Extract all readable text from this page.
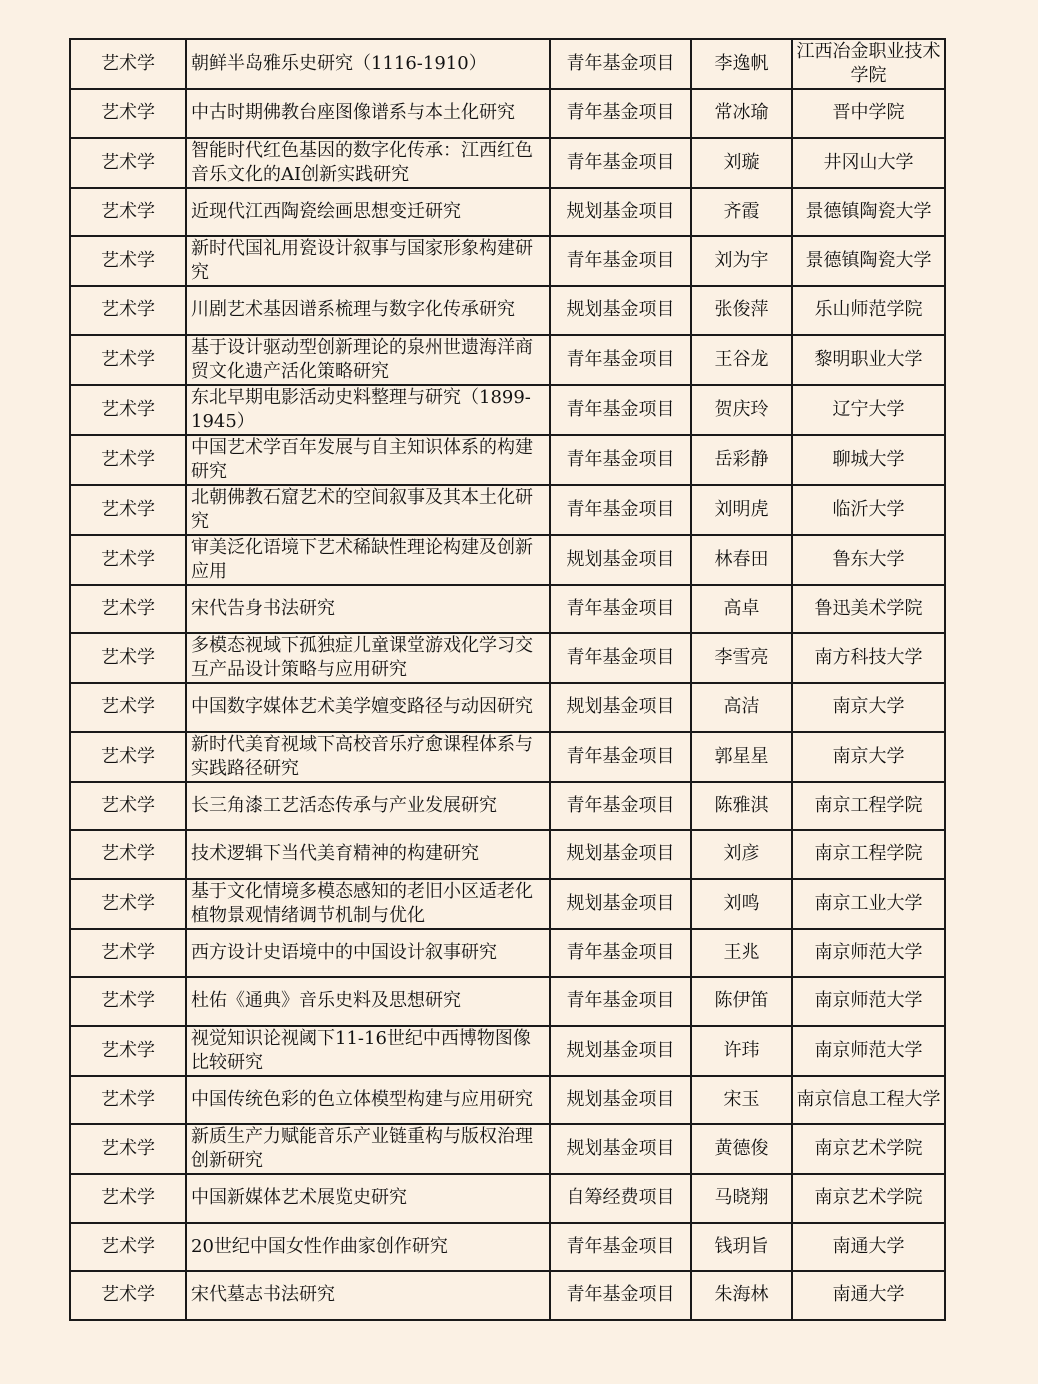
艺术学	朝鲜半岛雅乐史研究（1116-1910）	青年基金项目	李逸帆	江西冶金职业技术学院
艺术学	中古时期佛教台座图像谱系与本土化研究	青年基金项目	常冰瑜	晋中学院
艺术学	智能时代红色基因的数字化传承：江西红色音乐文化的AI创新实践研究	青年基金项目	刘璇	井冈山大学
艺术学	近现代江西陶瓷绘画思想变迁研究	规划基金项目	齐霞	景德镇陶瓷大学
艺术学	新时代国礼用瓷设计叙事与国家形象构建研究	青年基金项目	刘为宇	景德镇陶瓷大学
艺术学	川剧艺术基因谱系梳理与数字化传承研究	规划基金项目	张俊萍	乐山师范学院
艺术学	基于设计驱动型创新理论的泉州世遗海洋商贸文化遗产活化策略研究	青年基金项目	王谷龙	黎明职业大学
艺术学	东北早期电影活动史料整理与研究（1899-1945）	青年基金项目	贺庆玲	辽宁大学
艺术学	中国艺术学百年发展与自主知识体系的构建研究	青年基金项目	岳彩静	聊城大学
艺术学	北朝佛教石窟艺术的空间叙事及其本土化研究	青年基金项目	刘明虎	临沂大学
艺术学	审美泛化语境下艺术稀缺性理论构建及创新应用	规划基金项目	林春田	鲁东大学
艺术学	宋代告身书法研究	青年基金项目	高卓	鲁迅美术学院
艺术学	多模态视域下孤独症儿童课堂游戏化学习交互产品设计策略与应用研究	青年基金项目	李雪亮	南方科技大学
艺术学	中国数字媒体艺术美学嬗变路径与动因研究	规划基金项目	高洁	南京大学
艺术学	新时代美育视域下高校音乐疗愈课程体系与实践路径研究	青年基金项目	郭星星	南京大学
艺术学	长三角漆工艺活态传承与产业发展研究	青年基金项目	陈雅淇	南京工程学院
艺术学	技术逻辑下当代美育精神的构建研究	规划基金项目	刘彦	南京工程学院
艺术学	基于文化情境多模态感知的老旧小区适老化植物景观情绪调节机制与优化	规划基金项目	刘鸣	南京工业大学
艺术学	西方设计史语境中的中国设计叙事研究	青年基金项目	王兆	南京师范大学
艺术学	杜佑《通典》音乐史料及思想研究	青年基金项目	陈伊笛	南京师范大学
艺术学	视觉知识论视阈下11-16世纪中西博物图像比较研究	规划基金项目	许玮	南京师范大学
艺术学	中国传统色彩的色立体模型构建与应用研究	规划基金项目	宋玉	南京信息工程大学
艺术学	新质生产力赋能音乐产业链重构与版权治理创新研究	规划基金项目	黄德俊	南京艺术学院
艺术学	中国新媒体艺术展览史研究	自筹经费项目	马晓翔	南京艺术学院
艺术学	20世纪中国女性作曲家创作研究	青年基金项目	钱玥旨	南通大学
艺术学	宋代墓志书法研究	青年基金项目	朱海林	南通大学
